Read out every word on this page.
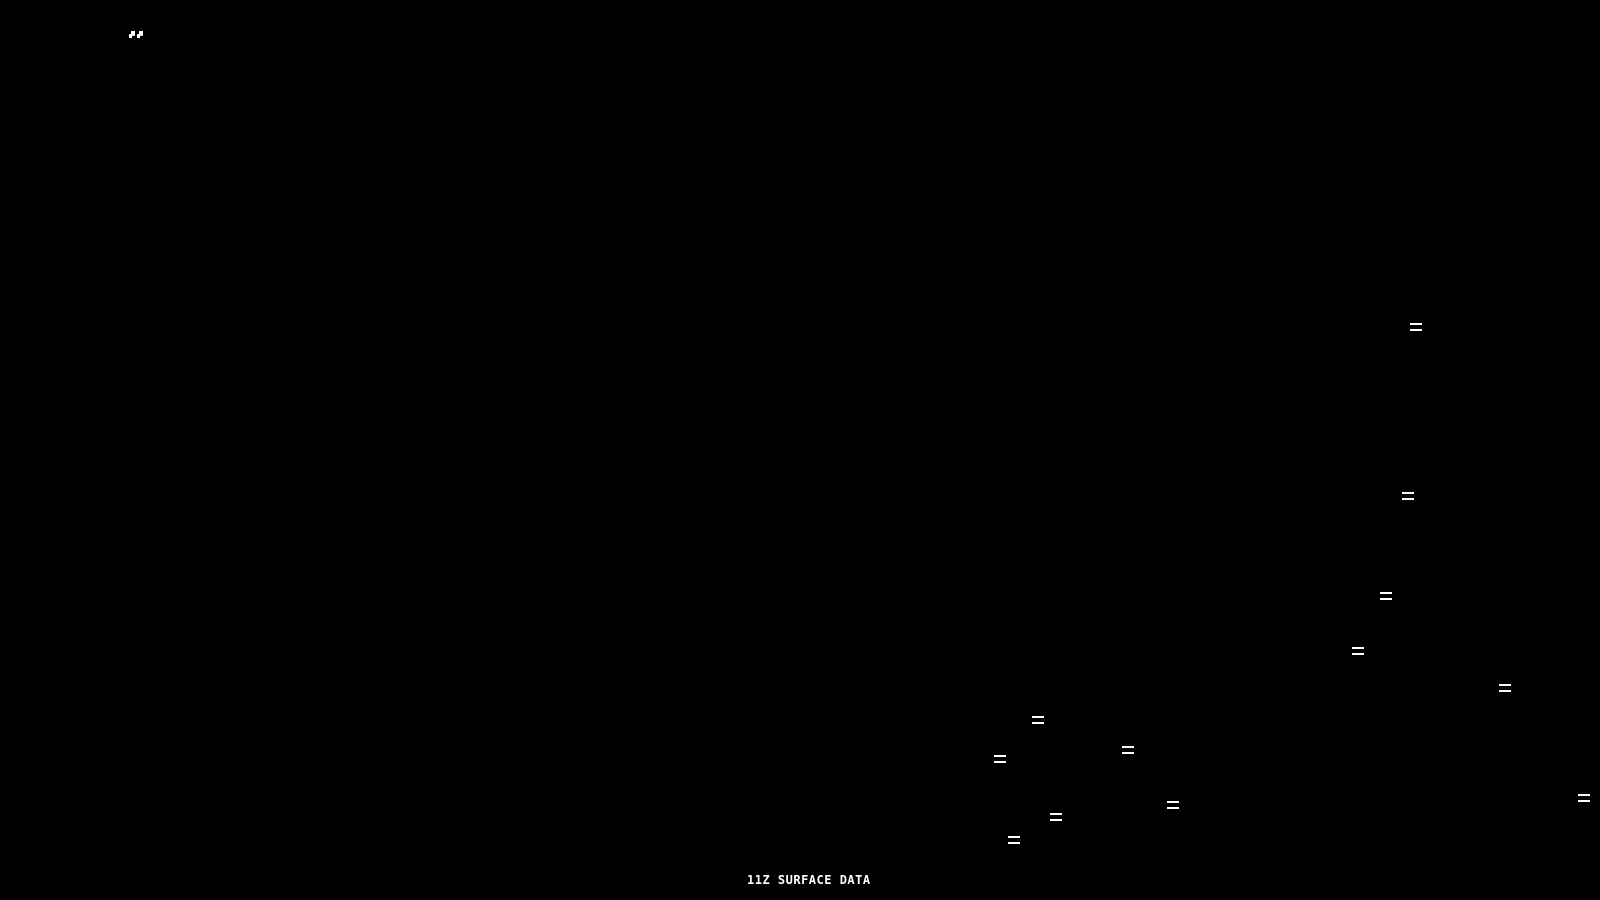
11Z SURFACE DATA
